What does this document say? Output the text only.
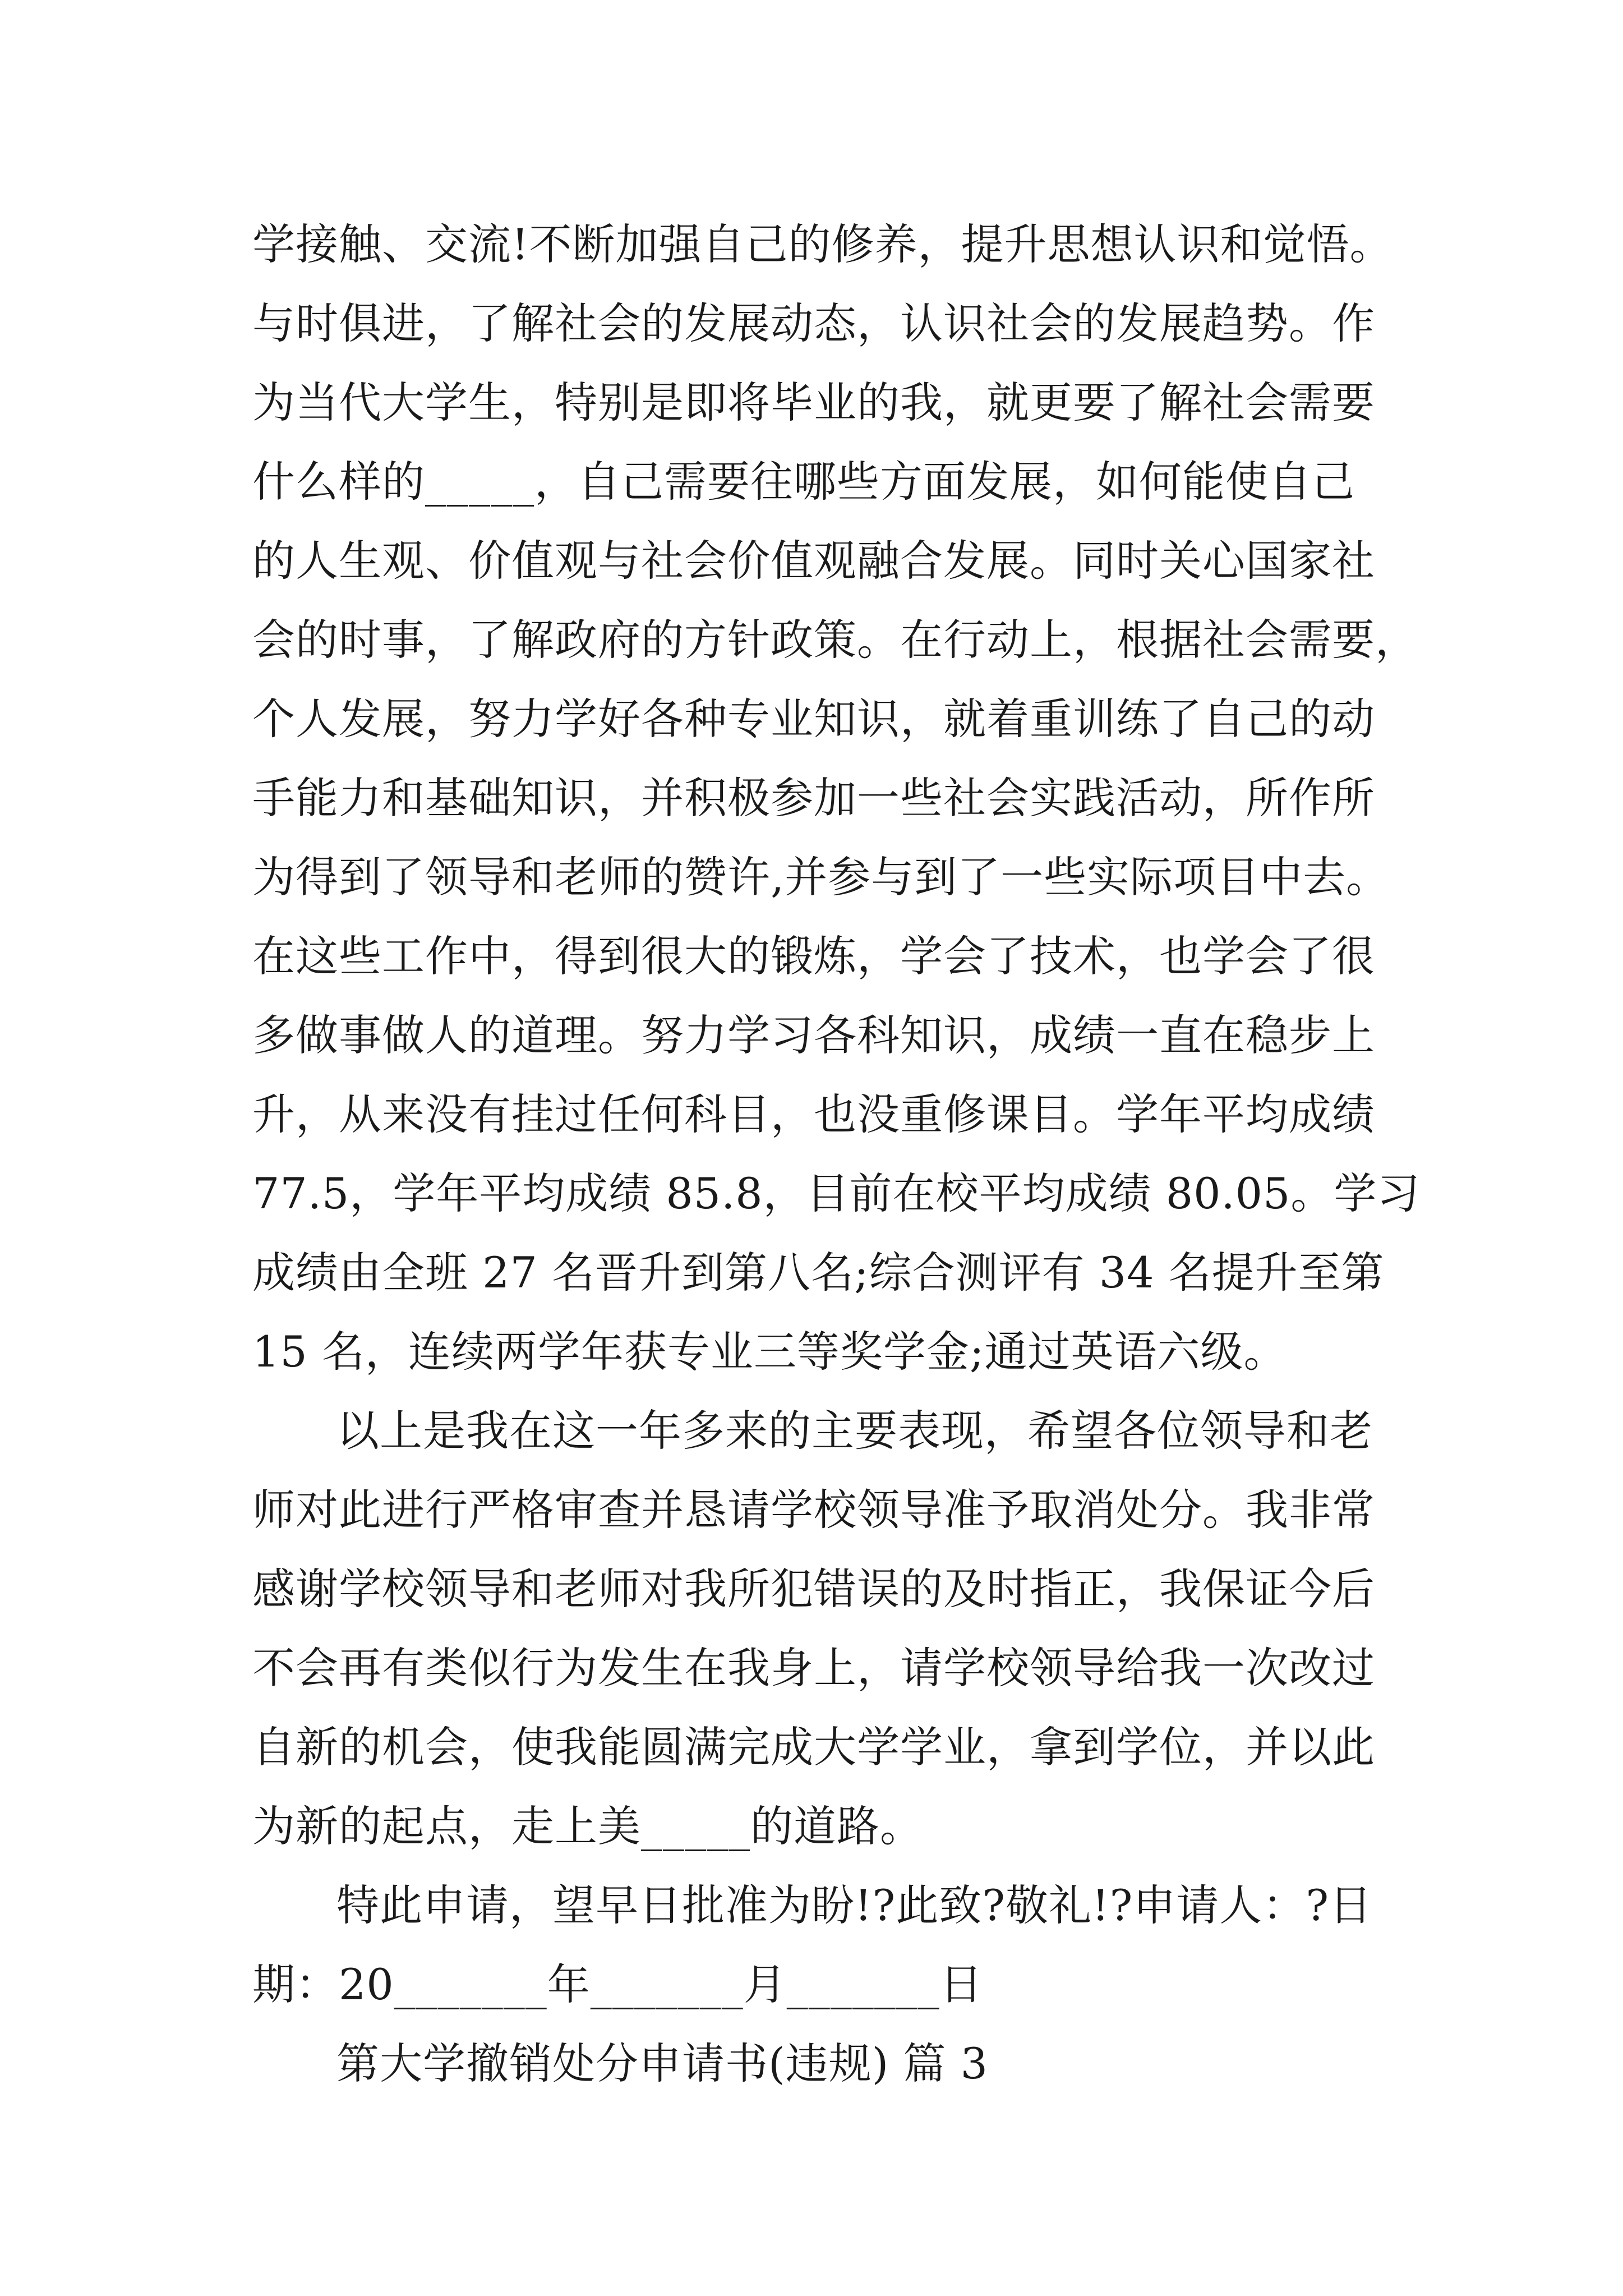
学接触、交流!不断加强自己的修养，提升思想认识和觉悟。
与时俱进，了解社会的发展动态，认识社会的发展趋势。作
为当代大学生，特别是即将毕业的我，就更要了解社会需要
什么样的_____，自己需要往哪些方面发展，如何能使自己
的人生观、价值观与社会价值观融合发展。同时关心国家社
会的时事，了解政府的方针政策。在行动上，根据社会需要，
个人发展，努力学好各种专业知识，就着重训练了自己的动
手能力和基础知识，并积极参加一些社会实践活动，所作所
为得到了领导和老师的赞许,并参与到了一些实际项目中去。
在这些工作中，得到很大的锻炼，学会了技术，也学会了很
多做事做人的道理。努力学习各科知识，成绩一直在稳步上
升，从来没有挂过任何科目，也没重修课目。学年平均成绩
77.5，学年平均成绩 85.8，目前在校平均成绩 80.05。学习
成绩由全班 27 名晋升到第八名;综合测评有 34 名提升至第
15 名，连续两学年获专业三等奖学金;通过英语六级。
以上是我在这一年多来的主要表现，希望各位领导和老
师对此进行严格审查并恳请学校领导准予取消处分。我非常
感谢学校领导和老师对我所犯错误的及时指正，我保证今后
不会再有类似行为发生在我身上，请学校领导给我一次改过
自新的机会，使我能圆满完成大学学业，拿到学位，并以此
为新的起点，走上美_____的道路。
特此申请，望早日批准为盼!?此致?敬礼!?申请人：?日
期：20_______年_______月_______日
第大学撤销处分申请书(违规) 篇 3
